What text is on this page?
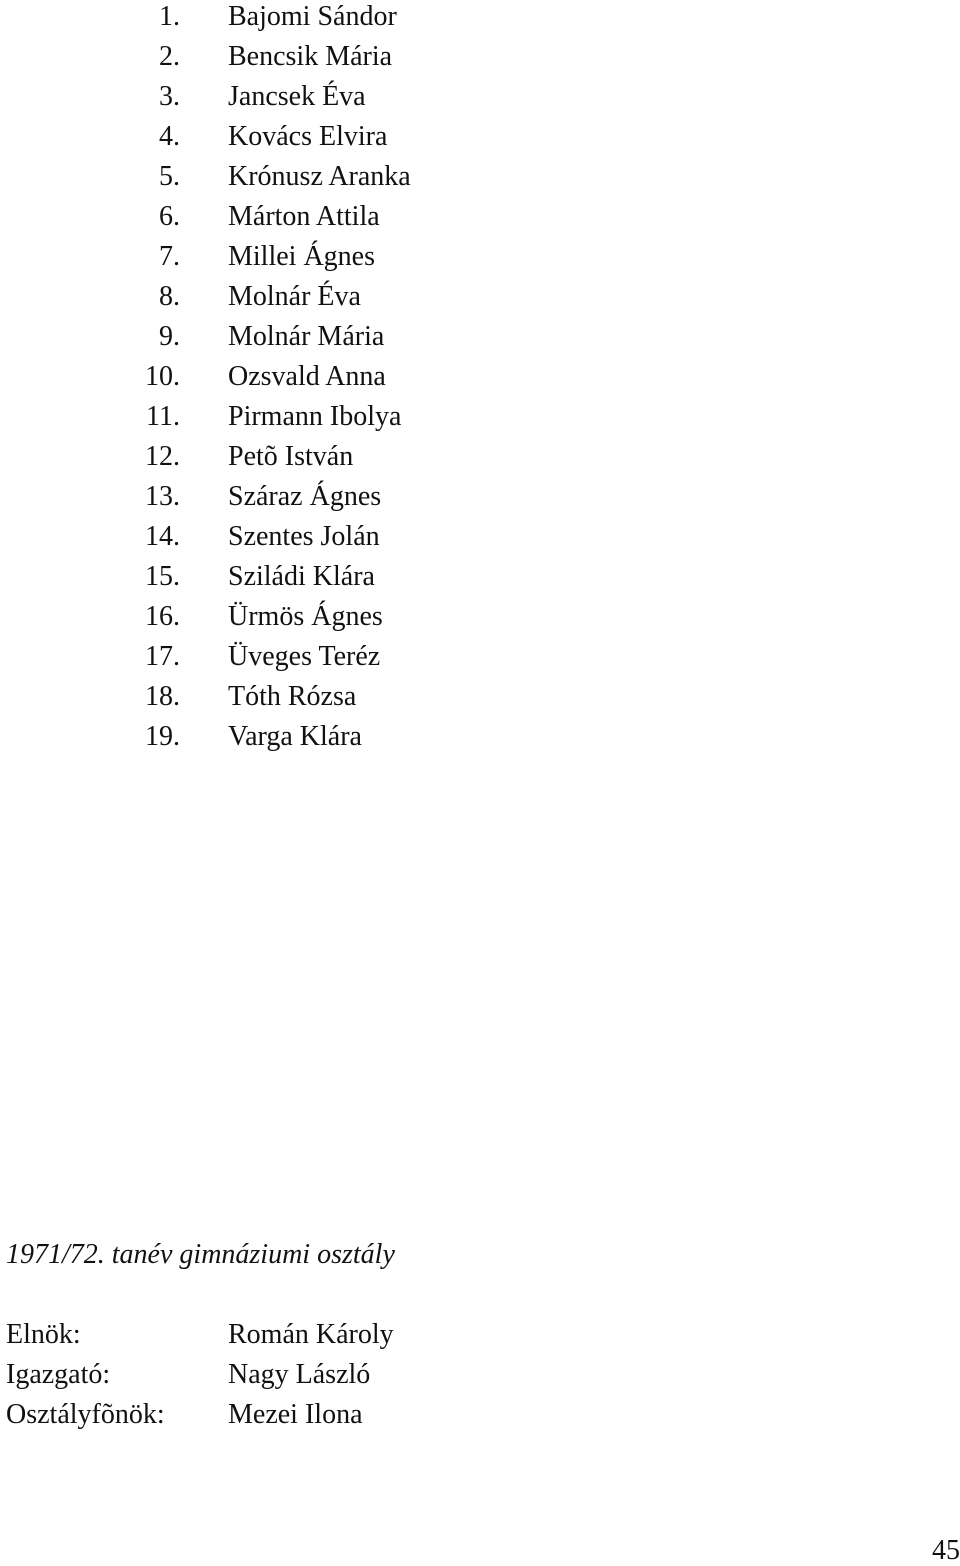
1. Bajomi Sándor
2. Bencsik Mária
3. Jancsek Éva
4. Kovács Elvira
5. Krónusz Aranka
6. Márton Attila
7. Millei Ágnes
8. Molnár Éva
9. Molnár Mária
10. Ozsvald Anna
11. Pirmann Ibolya
12. Petõ István
13. Száraz Ágnes
14. Szentes Jolán
15. Sziládi Klára
16. Ürmös Ágnes
17. Üveges Teréz
18. Tóth Rózsa
19. Varga Klára
1971/72. tanév gimnáziumi osztály
Elnök:	Román Károly
Igazgató:	Nagy László
Osztályfõnök: Mezei Ilona
45
